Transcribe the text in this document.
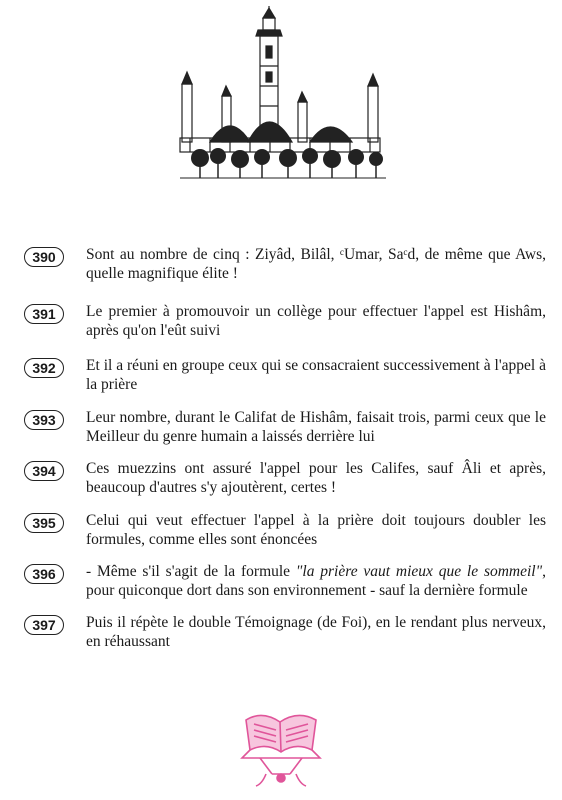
390	Sont au nombre de cinq : Ziyâd, Bilâl, ᶜUmar, Saᶜd, de même que Aws, quelle magnifique élite !
391	Le premier à promouvoir un collège pour effectuer l'appel est Hishâm, après qu'on l'eût suivi
392	Et il a réuni en groupe ceux qui se consacraient successivement à l'appel à la prière
393	Leur nombre, durant le Califat de Hishâm, faisait trois, parmi ceux que le Meilleur du genre humain a laissés derrière lui
394	Ces muezzins ont assuré l'appel pour les Califes, sauf Âli et après, beaucoup d'autres s'y ajoutèrent, certes !
395	Celui qui veut effectuer l'appel à la prière doit toujours doubler les formules, comme elles sont énoncées
396	- Même s'il s'agit de la formule "la prière vaut mieux que le sommeil", pour quiconque dort dans son environnement - sauf la dernière formule
397	Puis il répète le double Témoignage (de Foi), en le rendant plus nerveux, en réhaussant
